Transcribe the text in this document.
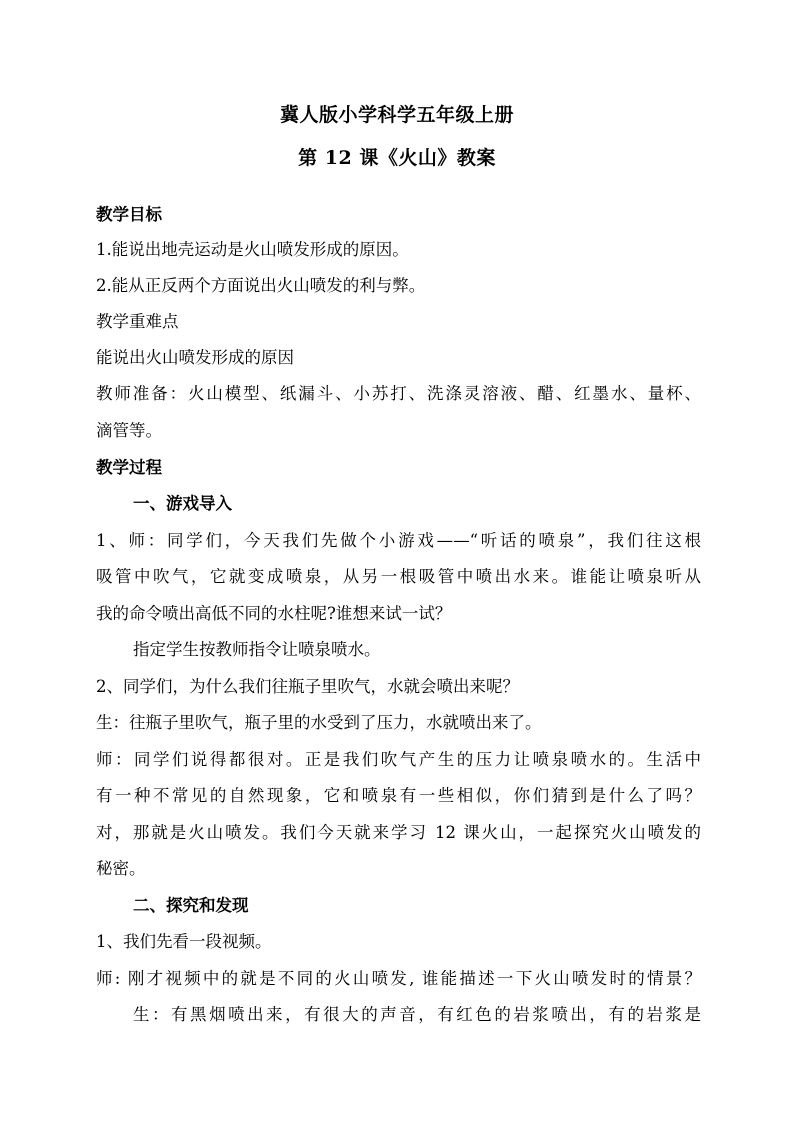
冀人版小学科学五年级上册
第 12 课《火山》教案
教学目标
1.能说出地壳运动是火山喷发形成的原因。
2.能从正反两个方面说出火山喷发的利与弊。
教学重难点
能说出火山喷发形成的原因
教师准备：火山模型、纸漏斗、小苏打、洗涤灵溶液、醋、红墨水、量杯、
滴管等。
教学过程
一、游戏导入
1、师：同学们，今天我们先做个小游戏——“听话的喷泉”，我们往这根
吸管中吹气，它就变成喷泉，从另一根吸管中喷出水来。谁能让喷泉听从
我的命令喷出高低不同的水柱呢?谁想来试一试？
指定学生按教师指令让喷泉喷水。
2、同学们，为什么我们往瓶子里吹气，水就会喷出来呢？
生：往瓶子里吹气，瓶子里的水受到了压力，水就喷出来了。
师：同学们说得都很对。正是我们吹气产生的压力让喷泉喷水的。生活中
有一种不常见的自然现象，它和喷泉有一些相似，你们猜到是什么了吗？
对，那就是火山喷发。我们今天就来学习 12 课火山，一起探究火山喷发的
秘密。
二、探究和发现
1、我们先看一段视频。
师: 刚才视频中的就是不同的火山喷发, 谁能描述一下火山喷发时的情景？
生：有黑烟喷出来，有很大的声音，有红色的岩浆喷出，有的岩浆是
